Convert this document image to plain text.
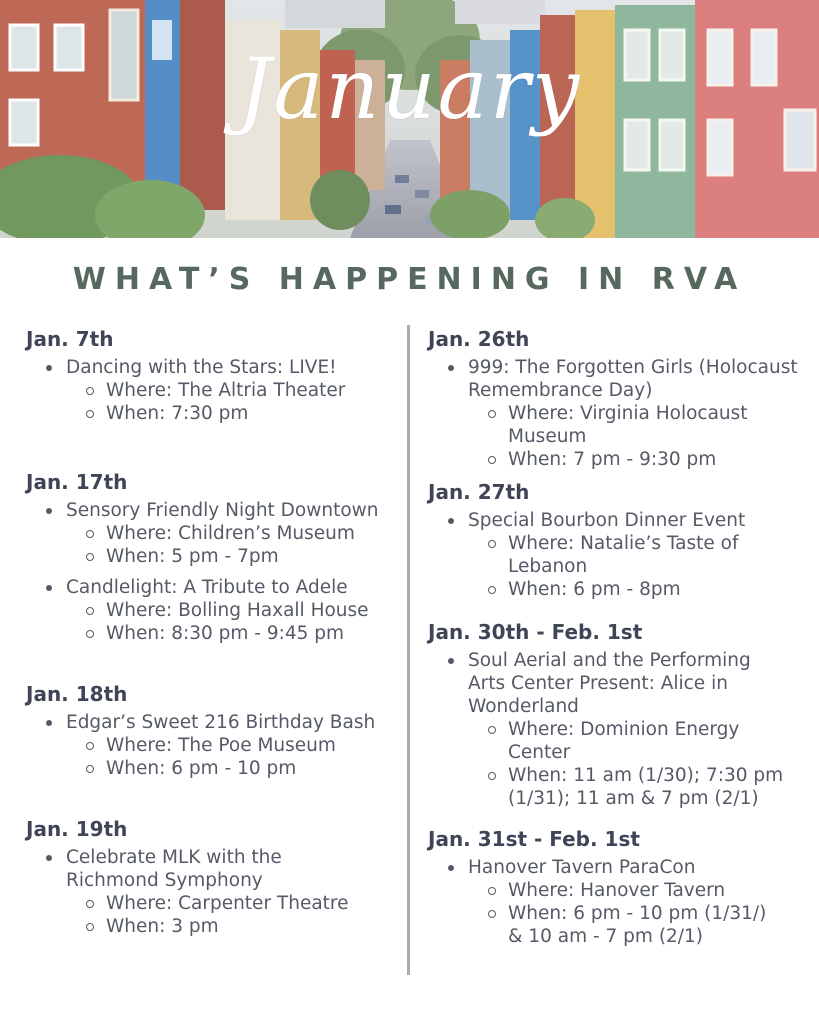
January
WHAT’S HAPPENING IN RVA
Jan. 7th
Dancing with the Stars: LIVE!
Where: The Altria Theater
When: 7:30 pm
Jan. 17th
Sensory Friendly Night Downtown
Where: Children’s Museum
When: 5 pm - 7pm
Candlelight: A Tribute to Adele
Where: Bolling Haxall House
When: 8:30 pm - 9:45 pm
Jan. 18th
Edgar’s Sweet 216 Birthday Bash
Where: The Poe Museum
When: 6 pm - 10 pm
Jan. 19th
Celebrate MLK with the Richmond Symphony
Where: Carpenter Theatre
When: 3 pm
Jan. 26th
999: The Forgotten Girls (Holocaust Remembrance Day)
Where: Virginia Holocaust Museum
When: 7 pm - 9:30 pm
Jan. 27th
Special Bourbon Dinner Event
Where: Natalie’s Taste of Lebanon
When: 6 pm - 8pm
Jan. 30th - Feb. 1st
Soul Aerial and the Performing Arts Center Present: Alice in Wonderland
Where: Dominion Energy Center
When: 11 am (1/30); 7:30 pm (1/31); 11 am & 7 pm (2/1)
Jan. 31st - Feb. 1st
Hanover Tavern ParaCon
Where: Hanover Tavern
When: 6 pm - 10 pm (1/31/) & 10 am - 7 pm (2/1)
